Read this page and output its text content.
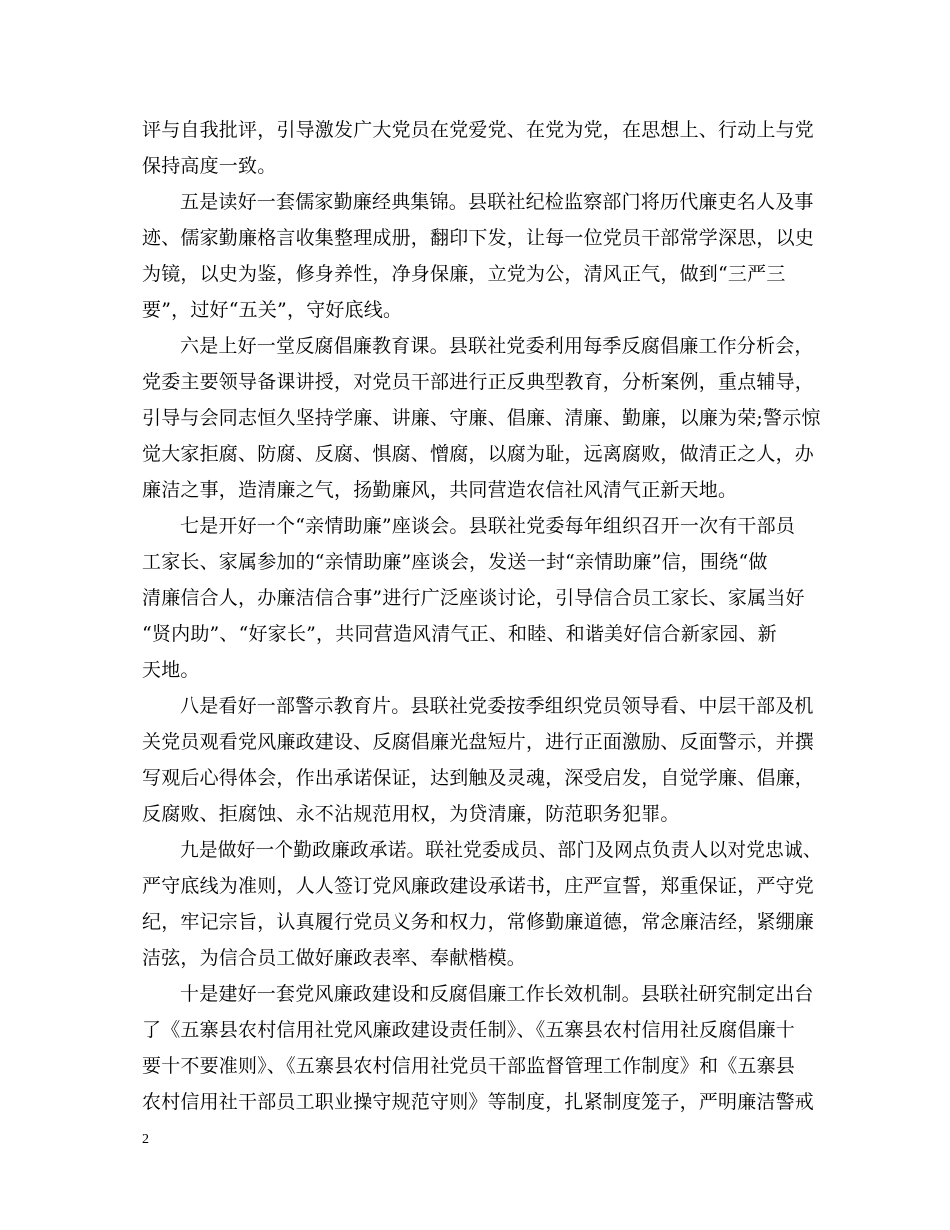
评与自我批评，引导激发广大党员在党爱党、在党为党，在思想上、行动上与党
保持高度一致。
五是读好一套儒家勤廉经典集锦。县联社纪检监察部门将历代廉吏名人及事
迹、儒家勤廉格言收集整理成册，翻印下发，让每一位党员干部常学深思，以史
为镜，以史为鉴，修身养性，净身保廉，立党为公，清风正气，做到“三严三
要”，过好“五关”，守好底线。
六是上好一堂反腐倡廉教育课。县联社党委利用每季反腐倡廉工作分析会，
党委主要领导备课讲授，对党员干部进行正反典型教育，分析案例，重点辅导，
引导与会同志恒久坚持学廉、讲廉、守廉、倡廉、清廉、勤廉，以廉为荣;警示惊
觉大家拒腐、防腐、反腐、惧腐、憎腐，以腐为耻，远离腐败，做清正之人，办
廉洁之事，造清廉之气，扬勤廉风，共同营造农信社风清气正新天地。
七是开好一个“亲情助廉”座谈会。县联社党委每年组织召开一次有干部员
工家长、家属参加的“亲情助廉”座谈会，发送一封“亲情助廉”信，围绕“做
清廉信合人，办廉洁信合事”进行广泛座谈讨论，引导信合员工家长、家属当好
“贤内助”、“好家长”，共同营造风清气正、和睦、和谐美好信合新家园、新
天地。
八是看好一部警示教育片。县联社党委按季组织党员领导看、中层干部及机
关党员观看党风廉政建设、反腐倡廉光盘短片，进行正面激励、反面警示，并撰
写观后心得体会，作出承诺保证，达到触及灵魂，深受启发，自觉学廉、倡廉，
反腐败、拒腐蚀、永不沾规范用权，为贷清廉，防范职务犯罪。
九是做好一个勤政廉政承诺。联社党委成员、部门及网点负责人以对党忠诚、
严守底线为准则，人人签订党风廉政建设承诺书，庄严宣誓，郑重保证，严守党
纪，牢记宗旨，认真履行党员义务和权力，常修勤廉道德，常念廉洁经，紧绷廉
洁弦，为信合员工做好廉政表率、奉献楷模。
十是建好一套党风廉政建设和反腐倡廉工作长效机制。县联社研究制定出台
了《五寨县农村信用社党风廉政建设责任制》、《五寨县农村信用社反腐倡廉十
要十不要准则》、《五寨县农村信用社党员干部监督管理工作制度》和《五寨县
农村信用社干部员工职业操守规范守则》等制度，扎紧制度笼子，严明廉洁警戒
2
